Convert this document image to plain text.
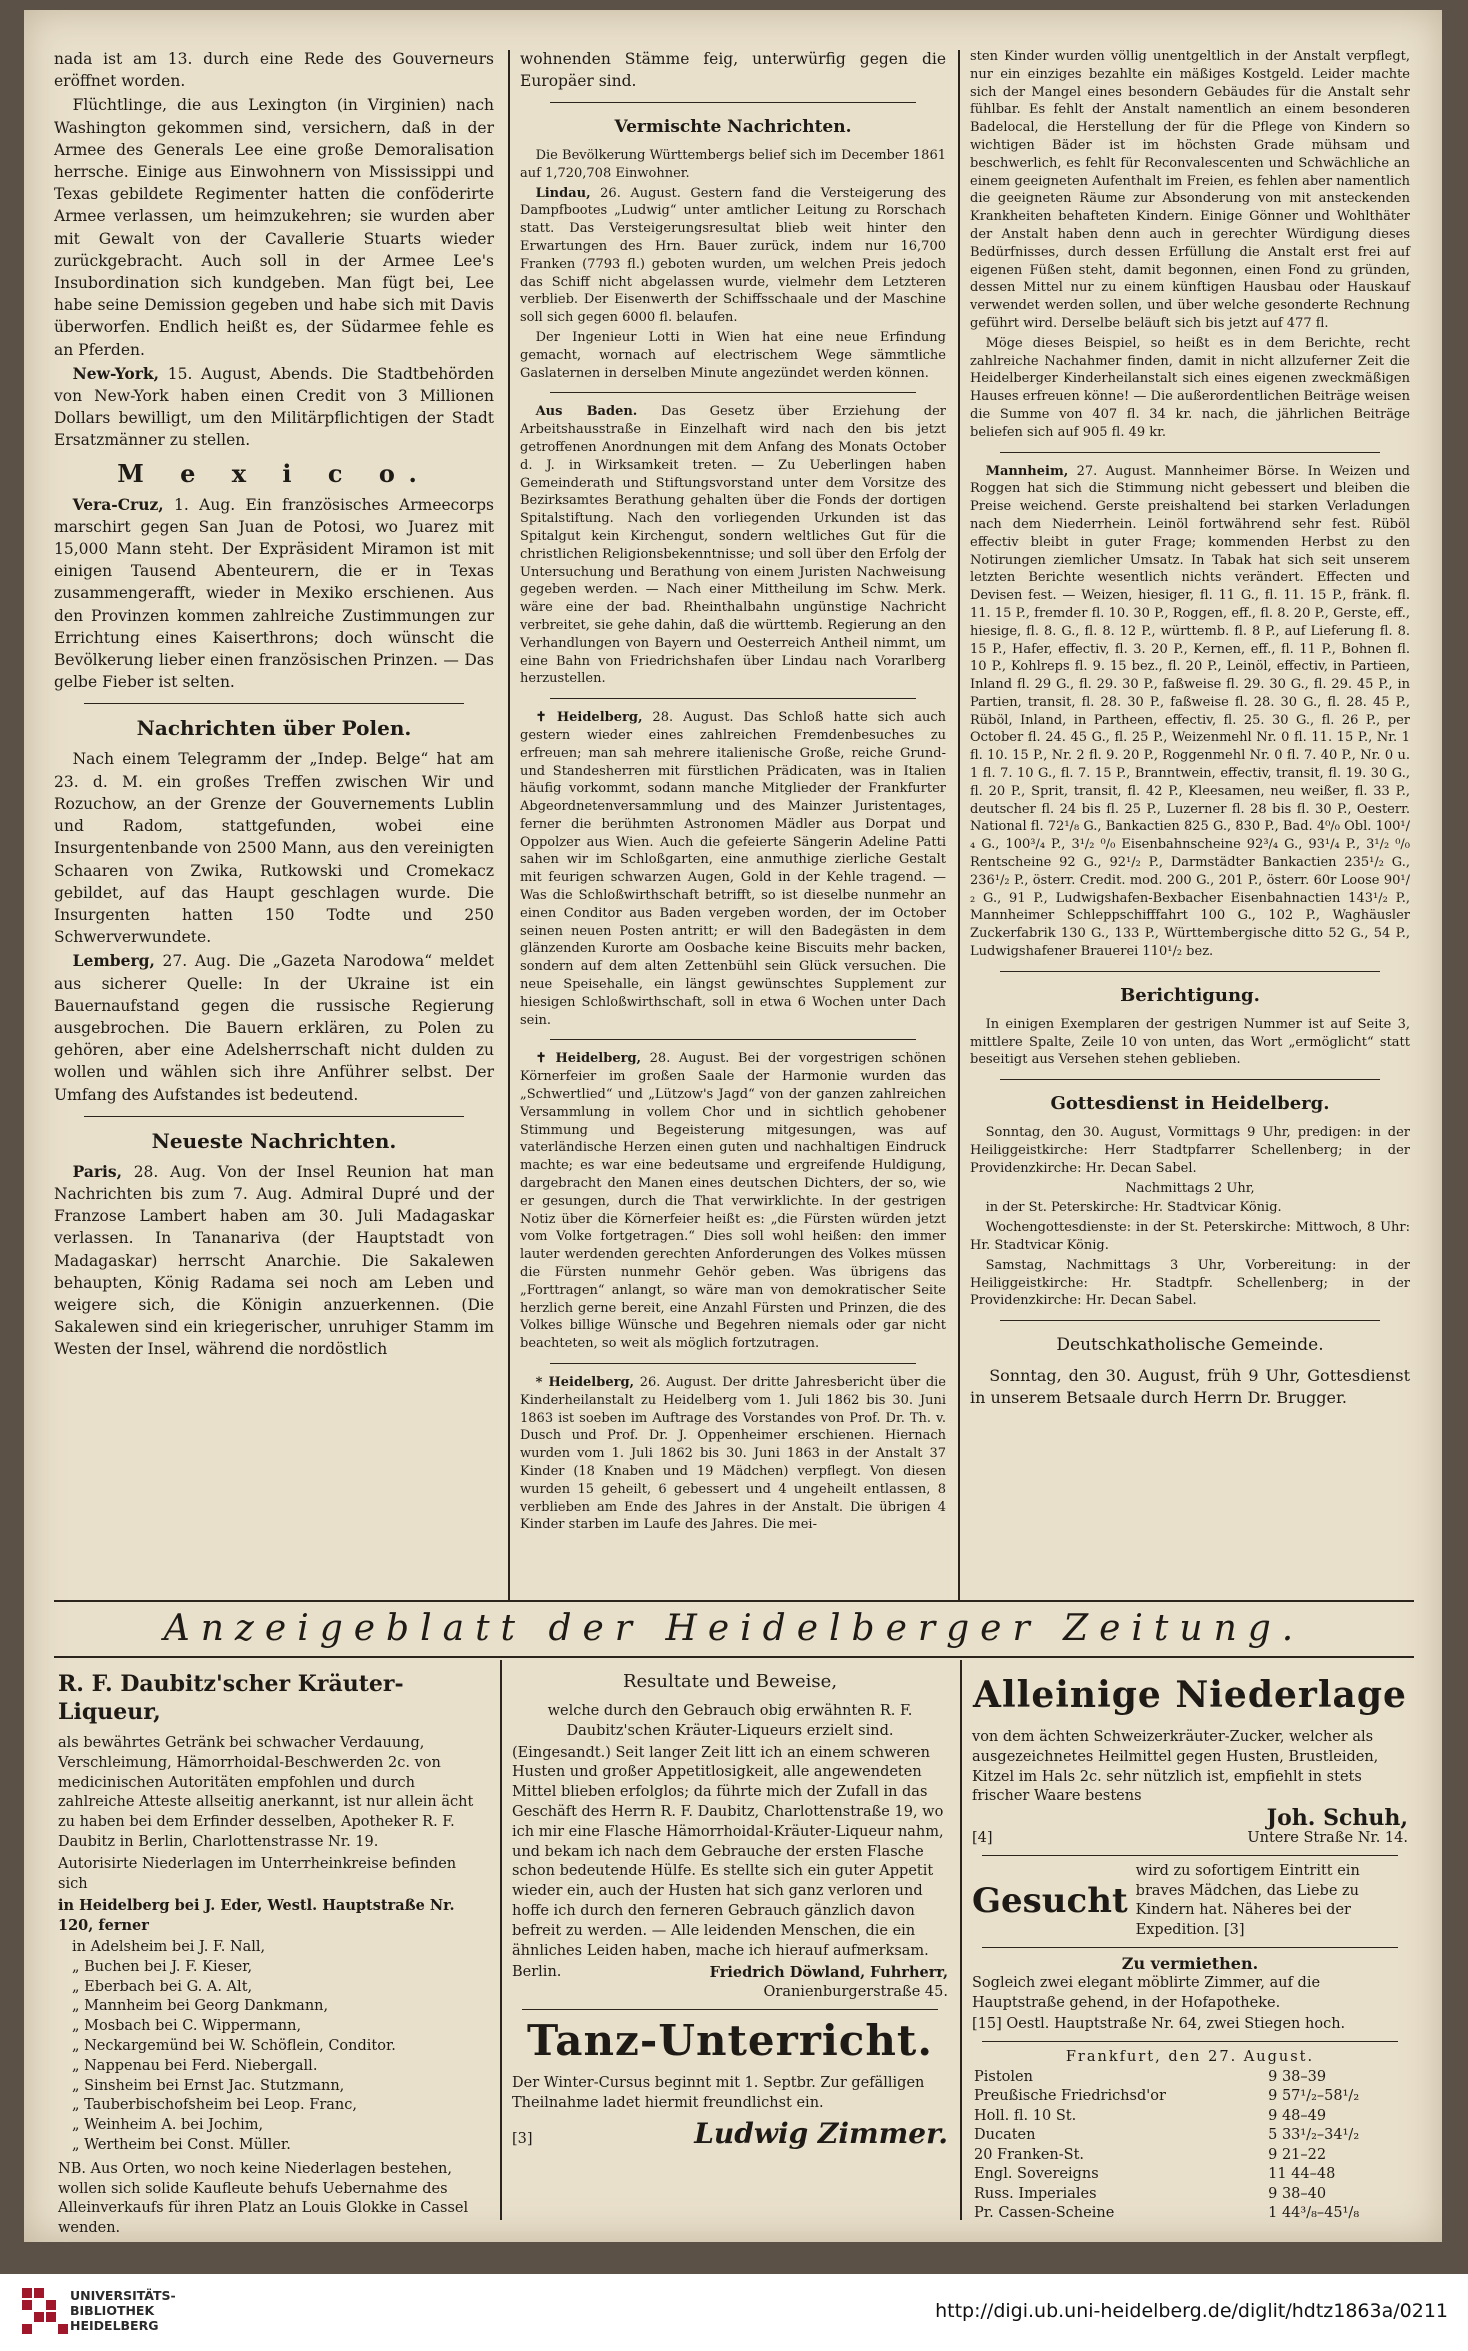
nada ist am 13. durch eine Rede des Gouverneurs eröffnet worden.

Flüchtlinge, die aus Lexington (in Virginien) nach Washington gekommen sind, versichern, daß in der Armee des Generals Lee eine große Demoralisation herrsche. Einige aus Einwohnern von Mississippi und Texas gebildete Regimenter hatten die conföderirte Armee verlassen, um heimzukehren; sie wurden aber mit Gewalt von der Cavallerie Stuarts wieder zurückgebracht. Auch soll in der Armee Lee's Insubordination sich kundgeben. Man fügt bei, Lee habe seine Demission gegeben und habe sich mit Davis überworfen. Endlich heißt es, der Südarmee fehle es an Pferden.

New-York, 15. August, Abends. Die Stadtbehörden von New-York haben einen Credit von 3 Millionen Dollars bewilligt, um den Militärpflichtigen der Stadt Ersatzmänner zu stellen.

M e x i c o.

Vera-Cruz, 1. Aug. Ein französisches Armeecorps marschirt gegen San Juan de Potosi, wo Juarez mit 15,000 Mann steht. Der Expräsident Miramon ist mit einigen Tausend Abenteurern, die er in Texas zusammengerafft, wieder in Mexiko erschienen. Aus den Provinzen kommen zahlreiche Zustimmungen zur Errichtung eines Kaiserthrons; doch wünscht die Bevölkerung lieber einen französischen Prinzen. — Das gelbe Fieber ist selten.

Nachrichten über Polen.

Nach einem Telegramm der „Indep. Belge“ hat am 23. d. M. ein großes Treffen zwischen Wir und Rozuchow, an der Grenze der Gouvernements Lublin und Radom, stattgefunden, wobei eine Insurgentenbande von 2500 Mann, aus den vereinigten Schaaren von Zwika, Rutkowski und Cromekacz gebildet, auf das Haupt geschlagen wurde. Die Insurgenten hatten 150 Todte und 250 Schwerverwundete.

Lemberg, 27. Aug. Die „Gazeta Narodowa“ meldet aus sicherer Quelle: In der Ukraine ist ein Bauernaufstand gegen die russische Regierung ausgebrochen. Die Bauern erklären, zu Polen zu gehören, aber eine Adelsherrschaft nicht dulden zu wollen und wählen sich ihre Anführer selbst. Der Umfang des Aufstandes ist bedeutend.

Neueste Nachrichten.

Paris, 28. Aug. Von der Insel Reunion hat man Nachrichten bis zum 7. Aug. Admiral Dupré und der Franzose Lambert haben am 30. Juli Madagaskar verlassen. In Tananariva (der Hauptstadt von Madagaskar) herrscht Anarchie. Die Sakalewen behaupten, König Radama sei noch am Leben und weigere sich, die Königin anzuerkennen. (Die Sakalewen sind ein kriegerischer, unruhiger Stamm im Westen der Insel, während die nordöstlich

wohnenden Stämme feig, unterwürfig gegen die Europäer sind.

Vermischte Nachrichten.

Die Bevölkerung Württembergs belief sich im December 1861 auf 1,720,708 Einwohner.

Lindau, 26. August. Gestern fand die Versteigerung des Dampfbootes „Ludwig“ unter amtlicher Leitung zu Rorschach statt. Das Versteigerungsresultat blieb weit hinter den Erwartungen des Hrn. Bauer zurück, indem nur 16,700 Franken (7793 fl.) geboten wurden, um welchen Preis jedoch das Schiff nicht abgelassen wurde, vielmehr dem Letzteren verblieb. Der Eisenwerth der Schiffsschaale und der Maschine soll sich gegen 6000 fl. belaufen.

Der Ingenieur Lotti in Wien hat eine neue Erfindung gemacht, wornach auf electrischem Wege sämmtliche Gaslaternen in derselben Minute angezündet werden können.

Aus Baden. Das Gesetz über Erziehung der Arbeitshausstraße in Einzelhaft wird nach den bis jetzt getroffenen Anordnungen mit dem Anfang des Monats October d. J. in Wirksamkeit treten. — Zu Ueberlingen haben Gemeinderath und Stiftungsvorstand unter dem Vorsitze des Bezirksamtes Berathung gehalten über die Fonds der dortigen Spitalstiftung. Nach den vorliegenden Urkunden ist das Spitalgut kein Kirchengut, sondern weltliches Gut für die christlichen Religionsbekenntnisse; und soll über den Erfolg der Untersuchung und Berathung von einem Juristen Nachweisung gegeben werden. — Nach einer Mittheilung im Schw. Merk. wäre eine der bad. Rheinthalbahn ungünstige Nachricht verbreitet, sie gehe dahin, daß die württemb. Regierung an den Verhandlungen von Bayern und Oesterreich Antheil nimmt, um eine Bahn von Friedrichshafen über Lindau nach Vorarlberg herzustellen.

✝ Heidelberg, 28. August. Das Schloß hatte sich auch gestern wieder eines zahlreichen Fremdenbesuches zu erfreuen; man sah mehrere italienische Große, reiche Grund- und Standesherren mit fürstlichen Prädicaten, was in Italien häufig vorkommt, sodann manche Mitglieder der Frankfurter Abgeordnetenversammlung und des Mainzer Juristentages, ferner die berühmten Astronomen Mädler aus Dorpat und Oppolzer aus Wien. Auch die gefeierte Sängerin Adeline Patti sahen wir im Schloßgarten, eine anmuthige zierliche Gestalt mit feurigen schwarzen Augen, Gold in der Kehle tragend. — Was die Schloßwirthschaft betrifft, so ist dieselbe nunmehr an einen Conditor aus Baden vergeben worden, der im October seinen neuen Posten antritt; er will den Badegästen in dem glänzenden Kurorte am Oosbache keine Biscuits mehr backen, sondern auf dem alten Zettenbühl sein Glück versuchen. Die neue Speisehalle, ein längst gewünschtes Supplement zur hiesigen Schloßwirthschaft, soll in etwa 6 Wochen unter Dach sein.

✝ Heidelberg, 28. August. Bei der vorgestrigen schönen Körnerfeier im großen Saale der Harmonie wurden das „Schwertlied“ und „Lützow's Jagd“ von der ganzen zahlreichen Versammlung in vollem Chor und in sichtlich gehobener Stimmung und Begeisterung mitgesungen, was auf vaterländische Herzen einen guten und nachhaltigen Eindruck machte; es war eine bedeutsame und ergreifende Huldigung, dargebracht den Manen eines deutschen Dichters, der so, wie er gesungen, durch die That verwirklichte. In der gestrigen Notiz über die Körnerfeier heißt es: „die Fürsten würden jetzt vom Volke fortgetragen.“ Dies soll wohl heißen: den immer lauter werdenden gerechten Anforderungen des Volkes müssen die Fürsten nunmehr Gehör geben. Was übrigens das „Forttragen“ anlangt, so wäre man von demokratischer Seite herzlich gerne bereit, eine Anzahl Fürsten und Prinzen, die des Volkes billige Wünsche und Begehren niemals oder gar nicht beachteten, so weit als möglich fortzutragen.

* Heidelberg, 26. August. Der dritte Jahresbericht über die Kinderheilanstalt zu Heidelberg vom 1. Juli 1862 bis 30. Juni 1863 ist soeben im Auftrage des Vorstandes von Prof. Dr. Th. v. Dusch und Prof. Dr. J. Oppenheimer erschienen. Hiernach wurden vom 1. Juli 1862 bis 30. Juni 1863 in der Anstalt 37 Kinder (18 Knaben und 19 Mädchen) verpflegt. Von diesen wurden 15 geheilt, 6 gebessert und 4 ungeheilt entlassen, 8 verblieben am Ende des Jahres in der Anstalt. Die übrigen 4 Kinder starben im Laufe des Jahres. Die mei-

sten Kinder wurden völlig unentgeltlich in der Anstalt verpflegt, nur ein einziges bezahlte ein mäßiges Kostgeld. Leider machte sich der Mangel eines besondern Gebäudes für die Anstalt sehr fühlbar. Es fehlt der Anstalt namentlich an einem besonderen Badelocal, die Herstellung der für die Pflege von Kindern so wichtigen Bäder ist im höchsten Grade mühsam und beschwerlich, es fehlt für Reconvalescenten und Schwächliche an einem geeigneten Aufenthalt im Freien, es fehlen aber namentlich die geeigneten Räume zur Absonderung von mit ansteckenden Krankheiten behafteten Kindern. Einige Gönner und Wohlthäter der Anstalt haben denn auch in gerechter Würdigung dieses Bedürfnisses, durch dessen Erfüllung die Anstalt erst frei auf eigenen Füßen steht, damit begonnen, einen Fond zu gründen, dessen Mittel nur zu einem künftigen Hausbau oder Hauskauf verwendet werden sollen, und über welche gesonderte Rechnung geführt wird. Derselbe beläuft sich bis jetzt auf 477 fl.

Möge dieses Beispiel, so heißt es in dem Berichte, recht zahlreiche Nachahmer finden, damit in nicht allzuferner Zeit die Heidelberger Kinderheilanstalt sich eines eigenen zweckmäßigen Hauses erfreuen könne! — Die außerordentlichen Beiträge weisen die Summe von 407 fl. 34 kr. nach, die jährlichen Beiträge beliefen sich auf 905 fl. 49 kr.

Mannheim, 27. August. Mannheimer Börse. In Weizen und Roggen hat sich die Stimmung nicht gebessert und bleiben die Preise weichend. Gerste preishaltend bei starken Verladungen nach dem Niederrhein. Leinöl fortwährend sehr fest. Rüböl effectiv bleibt in guter Frage; kommenden Herbst zu den Notirungen ziemlicher Umsatz. In Tabak hat sich seit unserem letzten Berichte wesentlich nichts verändert. Effecten und Devisen fest. — Weizen, hiesiger, fl. 11 G., fl. 11. 15 P., fränk. fl. 11. 15 P., fremder fl. 10. 30 P., Roggen, eff., fl. 8. 20 P., Gerste, eff., hiesige, fl. 8. G., fl. 8. 12 P., württemb. fl. 8 P., auf Lieferung fl. 8. 15 P., Hafer, effectiv, fl. 3. 20 P., Kernen, eff., fl. 11 P., Bohnen fl. 10 P., Kohlreps fl. 9. 15 bez., fl. 20 P., Leinöl, effectiv, in Partieen, Inland fl. 29 G., fl. 29. 30 P., faßweise fl. 29. 30 G., fl. 29. 45 P., in Partien, transit, fl. 28. 30 P., faßweise fl. 28. 30 G., fl. 28. 45 P., Rüböl, Inland, in Partheen, effectiv, fl. 25. 30 G., fl. 26 P., per October fl. 24. 45 G., fl. 25 P., Weizenmehl Nr. 0 fl. 11. 15 P., Nr. 1 fl. 10. 15 P., Nr. 2 fl. 9. 20 P., Roggenmehl Nr. 0 fl. 7. 40 P., Nr. 0 u. 1 fl. 7. 10 G., fl. 7. 15 P., Branntwein, effectiv, transit, fl. 19. 30 G., fl. 20 P., Sprit, transit, fl. 42 P., Kleesamen, neu weißer, fl. 33 P., deutscher fl. 24 bis fl. 25 P., Luzerner fl. 28 bis fl. 30 P., Oesterr. National fl. 72¹/₈ G., Bankactien 825 G., 830 P., Bad. 4⁰/₀ Obl. 100¹/₄ G., 100³/₄ P., 3¹/₂ ⁰/₀ Eisenbahnscheine 92³/₄ G., 93¹/₄ P., 3¹/₂ ⁰/₀ Rentscheine 92 G., 92¹/₂ P., Darmstädter Bankactien 235¹/₂ G., 236¹/₂ P., österr. Credit. mod. 200 G., 201 P., österr. 60r Loose 90¹/₂ G., 91 P., Ludwigshafen-Bexbacher Eisenbahnactien 143¹/₂ P., Mannheimer Schleppschifffahrt 100 G., 102 P., Waghäusler Zuckerfabrik 130 G., 133 P., Württembergische ditto 52 G., 54 P., Ludwigshafener Brauerei 110¹/₂ bez.

Berichtigung.

In einigen Exemplaren der gestrigen Nummer ist auf Seite 3, mittlere Spalte, Zeile 10 von unten, das Wort „ermöglicht“ statt beseitigt aus Versehen stehen geblieben.

Gottesdienst in Heidelberg.

Sonntag, den 30. August, Vormittags 9 Uhr, predigen: in der Heiliggeistkirche: Herr Stadtpfarrer Schellenberg; in der Providenzkirche: Hr. Decan Sabel.

Nachmittags 2 Uhr,

in der St. Peterskirche: Hr. Stadtvicar König.

Wochengottesdienste: in der St. Peterskirche: Mittwoch, 8 Uhr: Hr. Stadtvicar König.

Samstag, Nachmittags 3 Uhr, Vorbereitung: in der Heiliggeistkirche: Hr. Stadtpfr. Schellenberg; in der Providenzkirche: Hr. Decan Sabel.

Deutschkatholische Gemeinde.

Sonntag, den 30. August, früh 9 Uhr, Gottesdienst in unserem Betsaale durch Herrn Dr. Brugger.

Anzeigeblatt der Heidelberger Zeitung.
R. F. Daubitz'scher Kräuter-Liqueur,

als bewährtes Getränk bei schwacher Verdauung, Verschleimung, Hämorrhoidal-Beschwerden 2c. von medicinischen Autoritäten empfohlen und durch zahlreiche Atteste allseitig anerkannt, ist nur allein ächt zu haben bei dem Erfinder desselben, Apotheker R. F. Daubitz in Berlin, Charlottenstrasse Nr. 19.

Autorisirte Niederlagen im Unterrheinkreise befinden sich

in Heidelberg bei J. Eder, Westl. Hauptstraße Nr. 120, ferner

in Adelsheim bei J. F. Nall,
„ Buchen bei J. F. Kieser,
„ Eberbach bei G. A. Alt,
„ Mannheim bei Georg Dankmann,
„ Mosbach bei C. Wippermann,
„ Neckargemünd bei W. Schöflein, Conditor.
„ Nappenau bei Ferd. Niebergall.
„ Sinsheim bei Ernst Jac. Stutzmann,
„ Tauberbischofsheim bei Leop. Franc,
„ Weinheim A. bei Jochim,
„ Wertheim bei Const. Müller.

NB. Aus Orten, wo noch keine Niederlagen bestehen, wollen sich solide Kaufleute behufs Uebernahme des Alleinverkaufs für ihren Platz an Louis Glokke in Cassel wenden.

Resultate und Beweise,

welche durch den Gebrauch obig erwähnten R. F. Daubitz'schen Kräuter-Liqueurs erzielt sind.

(Eingesandt.) Seit langer Zeit litt ich an einem schweren Husten und großer Appetitlosigkeit, alle angewendeten Mittel blieben erfolglos; da führte mich der Zufall in das Geschäft des Herrn R. F. Daubitz, Charlottenstraße 19, wo ich mir eine Flasche Hämorrhoidal-Kräuter-Liqueur nahm, und bekam ich nach dem Gebrauche der ersten Flasche schon bedeutende Hülfe. Es stellte sich ein guter Appetit wieder ein, auch der Husten hat sich ganz verloren und hoffe ich durch den ferneren Gebrauch gänzlich davon befreit zu werden. — Alle leidenden Menschen, die ein ähnliches Leiden haben, mache ich hierauf aufmerksam.

Berlin.	Friedrich Döwland, Fuhrherr,
Oranienburgerstraße 45.
Tanz-Unterricht.

Der Winter-Cursus beginnt mit 1. Septbr. Zur gefälligen Theilnahme ladet hiermit freundlichst ein.

[3]	Ludwig Zimmer.
Alleinige Niederlage

von dem ächten Schweizerkräuter-Zucker, welcher als ausgezeichnetes Heilmittel gegen Husten, Brustleiden, Kitzel im Hals 2c. sehr nützlich ist, empfiehlt in stets frischer Waare bestens

Joh. Schuh,
[4]	Untere Straße Nr. 14.
Gesucht
wird zu sofortigem Eintritt ein braves Mädchen, das Liebe zu Kindern hat. Näheres bei der Expedition. [3]
Zu vermiethen.

Sogleich zwei elegant möblirte Zimmer, auf die Hauptstraße gehend, in der Hofapotheke.

[15] Oestl. Hauptstraße Nr. 64, zwei Stiegen hoch.

Frankfurt, den 27. August.
Pistolen	9 38–39
Preußische Friedrichsd'or	9 57¹/₂–58¹/₂
Holl. fl. 10 St.	9 48–49
Ducaten	5 33¹/₂–34¹/₂
20 Franken-St.	9 21–22
Engl. Sovereigns	11 44–48
Russ. Imperiales	9 38–40
Pr. Cassen-Scheine	1 44³/₈–45¹/₈
UNIVERSITÄTS-
BIBLIOTHEK
HEIDELBERG
http://digi.ub.uni-heidelberg.de/diglit/hdtz1863a/0211
